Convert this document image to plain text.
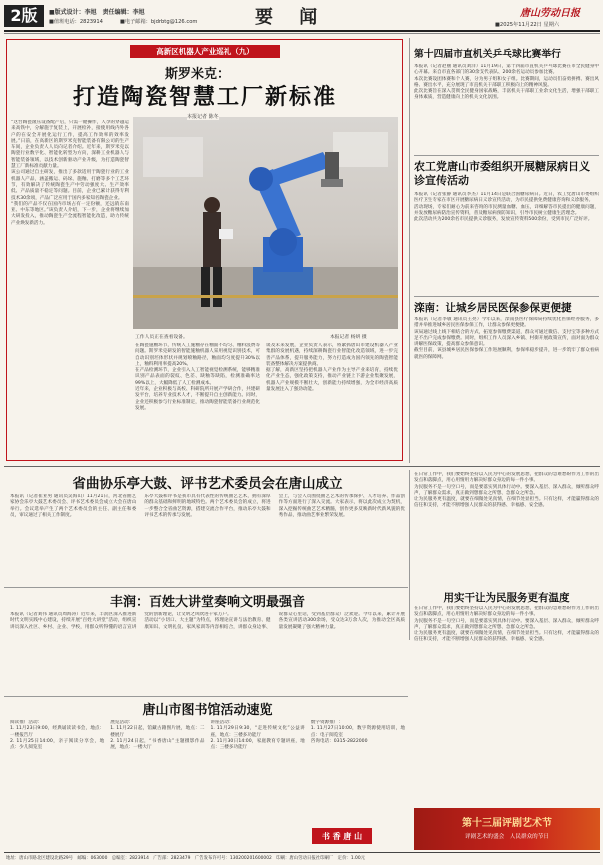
2版	■版式设计：李旭　责任编辑：李旭
■值班电话：2823914	■电子邮箱：bjdrbtg@126.com	要 闻	唐山劳动日报
■2025年11月22日 星期六
高新区机器人产业巡礼（九）
斯罗米克：
打造陶瓷智慧工厂新标准
工作人员正在查看设备。	本报记者 杨妍 摄
本报记者 陈冬
“这台陶瓷滚压设备配产后，只需一键操作，人孕的穿越运来高铁中，分解施于复装上，开展检补，接使用线内外各户的在安全开展化运行工作，提高工作效率的效率发展。”日前，在高新区的斯罗米克智能装备有限公司的生产车间，企业负责人人员向记者介绍。近年来，斯罗米克以陶瓷行业数字化、智能化转型为方向，深耕工业机器人与智能装备领域，以技术创新驱动产业升级，为打造陶瓷智慧工厂新标准贡献力量。
该公司通过自主研发，推出了多款适用于陶瓷行业的工业机器人产品，涵盖搬运、码垛、施釉、打磨等多个工艺环节，有效解决了传统陶瓷生产中劳动强度大、生产效率低、产品质量不稳定等问题。目前，企业已累计获得专利技术30余项，产品广泛应用于国内多家知名陶瓷企业。
“我们的产品不仅在国内市场占有一定份额，还远销东南亚、中东等地区。”该负责人介绍，下一步，企业将继续加大研发投入，推动陶瓷生产全流程智能化改造，助力传统产业焕发新活力。
在陶瓷施釉环节，传统人工施釉存在釉面不均匀、釉料浪费等问题。斯罗米克研发的智能施釉机器人采用视觉识别技术，可自动识别坯体形状并规划喷釉路径，釉面均匀度提升30%以上，釉料利用率提高20%。
在产品检测环节，企业引入人工智能视觉检测系统，能够精准识别产品表面的裂纹、色差、缺釉等缺陷，检测准确率达99%以上，大幅降低了人工检测成本。
近年来，企业积极与高校、科研院所开展产学研合作，共建研发平台，培养专业技术人才，不断提升自主创新能力。同时，企业还积极参与行业标准制定，推动陶瓷智能装备行业规范化发展。
谈及未来发展，企业负责人表示，将紧抓唐山市建设机器人产业集群的发展机遇，持续深耕陶瓷行业智能化改造领域，进一步完善产品体系，提升服务能力，努力打造成为国内领先的陶瓷智能装备整体解决方案提供商。
据了解，高新区坚持把机器人产业作为主导产业来培育，持续优化产业生态，强化政策支持，推动产业链上下游企业集聚发展，机器人产业规模不断壮大，创新能力持续增强，为全市经济高质量发展注入了强劲动能。
第十四届市直机关乒乓球比赛举行
本报讯（记者赵丽 通讯员刘洋）11月19日，第十四届市直机关乒乓球比赛在市全民健身中心开幕。来自市直各部门的30余支代表队、200余名运动员参加比赛。
本次比赛设团体赛和个人赛，分为男子组和女子组。比赛期间，运动员们奋勇拼搏、赛出风格、赛出水平，充分展现了市直机关干部职工积极向上的精神风貌。
此次比赛旨在深入贯彻全民健身国家战略，丰富机关干部职工业余文化生活，增强干部职工身体素质，营造健康向上的机关文化氛围。
农工党唐山市委组织开展糖尿病日义诊宣传活动
本报讯（记者张静 通讯员李杰）11月14日是联合国糖尿病日。近日，农工党唐山市委组织医疗卫生专家在市区开展糖尿病日义诊宣传活动，为市民提供免费健康咨询和义诊服务。
活动现场，专家们耐心为前来咨询的市民测量血糖、血压，详细解答市民提出的健康问题，并发放糖尿病防治宣传资料，普及糖尿病预防知识，引导市民树立健康生活理念。
此次活动共为200余名市民提供义诊服务，发放宣传资料500余份，受到市民广泛好评。
滦南：让城乡居民医保参保更便捷
本报讯（记者李敏 通讯员王亮）今年以来，滦南县医疗保障局持续优化医保经办服务，多措并举推进城乡居民医保参保工作，让群众参保更便捷。
该局通过线上线下相结合的方式，拓宽参保缴费渠道，群众可通过微信、支付宝等多种方式足不出户完成参保缴费。同时，组织工作人员深入乡镇、村街开展政策宣传，面对面为群众讲解医保政策，提高群众参保意识。
截至目前，该县城乡居民医保参保工作进展顺利，参保率稳步提升，进一步筑牢了群众看病就医的保障网。
省曲协乐亭大鼓、评书艺术委员会在唐山成立
本报讯（记者崔亚男 通讯员吴海山）11月21日，河北省曲艺家协会乐亭大鼓艺术委员会、评书艺术委员会成立大会在唐山举行。会议选举产生了两个艺术委员会的主任、副主任和委员，审议通过了相关工作制度。
乐亭大鼓和评书是我市具有代表性的传统曲艺艺术，拥有深厚的群众基础和鲜明的地域特色。两个艺术委员会的成立，将进一步整合全省曲艺资源，搭建交流合作平台，推动乐亭大鼓和评书艺术的传承与发展。
会上，与会人员围绕曲艺艺术的传承保护、人才培养、作品创作等方面进行了深入交流。大家表示，将以此次成立为契机，深入挖掘传统曲艺艺术精髓，创作更多反映新时代新风貌的优秀作品，推动曲艺事业繁荣发展。
在日常工作中，我们要始终坚持以人民为中心的发展思想，把群众的急难愁盼作为工作的出发点和落脚点，用心用情用力解决好群众身边的每一件小事。
为民服务不是一句空口号，而是要落实到具体行动中。要深入基层、深入群众，倾听群众呼声，了解群众需求，真正做到想群众之所想、急群众之所急。
让为民服务更有温度，就要在细微处见真情，在细节处显担当。只有这样，才能赢得群众的信任和支持，才能不断增强人民群众的获得感、幸福感、安全感。
用实干让为民服务更有温度
在日常工作中，我们要始终坚持以人民为中心的发展思想，把群众的急难愁盼作为工作的出发点和落脚点，用心用情用力解决好群众身边的每一件小事。
为民服务不是一句空口号，而是要落实到具体行动中。要深入基层、深入群众，倾听群众呼声，了解群众需求，真正做到想群众之所想、急群众之所急。
让为民服务更有温度，就要在细微处见真情，在细节处显担当。只有这样，才能赢得群众的信任和支持，才能不断增强人民群众的获得感、幸福感、安全感。
丰润：百姓大讲堂奏响文明最强音
本报讯（记者刘伟 通讯员周海涛）近年来，丰润区深入推进新时代文明实践中心建设，持续开展“百姓大讲堂”活动，组织宣讲员深入社区、乡村、企业、学校，用群众听得懂的语言宣讲党的创新理论，让文明之风吹进千家万户。
活动以“小切口、大主题”为特点，将理论宣讲与法治教育、健康知识、文明礼仪、家风家训等内容相结合，讲群众身边事、说群众心里话，受到基层群众广泛欢迎。今年以来，累计开展各类宣讲活动300余场，受众达3万余人次，为推动全区高质量发展凝聚了强大精神力量。
唐山市图书馆活动速览
阅读推广活动：
1. 11月23日9:00，经典诵读读书会，地点：一楼报告厅
2. 11月25日14:00，亲子阅读分享会，地点：少儿阅览室
展览活动：
1. 11月22日起，馆藏古籍图片展，地点：二楼展厅
2. 11月24日起，“书香唐山”主题摄影作品展，地点：一楼大厅
讲座活动：
1. 11月29日9:30，“走进传统文化”公益讲座，地点：三楼多功能厅
2. 11月30日14:00，家庭教育专题讲座，地点：三楼多功能厅
数字资源推广：
1. 11月27日10:00，数字资源使用培训，地点：电子阅览室
咨询电话：0315-2822000
书 香 唐 山
第十三届评剧艺术节
评剧艺术的盛会　人民群众的节日
地址：唐山市路北区建设北路29号　邮编：063000　总编室：2823914　广告部：2823479　广告发布许可号：130200201600002　印刷：唐山劳动日报社印刷厂　定价：1.00元
